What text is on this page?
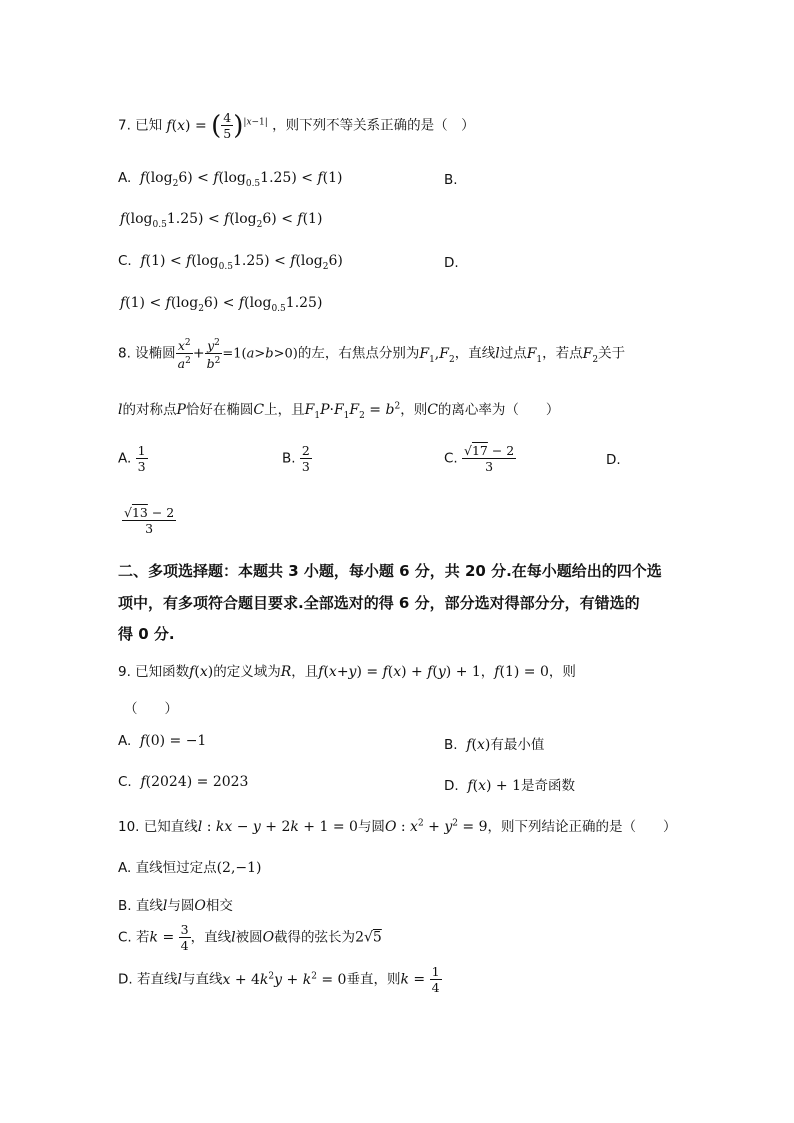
7. 已知 f(x) = ( $\frac{4}{5} )^{|x-1|}$ ，则下列不等关系正确的是（　）
A. $f(\log_26) < f(\log_{0.5}1.25) < f(1)$	B.
$f(\log_{0.5}1.25) < f(\log_26) < f(1)$
C. $f(1) < f(\log_{0.5}1.25) < f(\log_26)$	D.
$f(1) < f(\log_26) < f(\log_{0.5}1.25)$
8. 设椭圆 $\frac{x^2}{a^2} + \frac{y^2}{b^2} =1(a>b>0)$的左，右焦点分别为$F_1,F_2$，直线l过点$F_1$，若点$F_2$关于
l的对称点P恰好在椭圆C上，且$F_1P\cdot F_1F_2 = b^2$，则C的离心率为（　　）
A. $\frac{1}{3}$	B. $\frac{2}{3}$	C. $\frac{√17 - 2}{3}$	D.
$\frac{√13 - 2}{3}$
二、多项选择题：本题共 3 小题，每小题 6 分，共 20 分.在每小题给出的四个选
项中，有多项符合题目要求.全部选对的得 6 分，部分选对得部分分，有错选的
得 0 分.
9. 已知函数f(x)的定义域为R，且f(x+y) = f(x) + f(y) + 1，f(1) = 0，则
（　　）
A. f(0) = −1	B. f(x)有最小值
C. f(2024) = 2023	D. f(x) + 1是奇函数
10. 已知直线l : kx − y + 2k + 1 = 0与圆O : $x^2 + y^2 = 9$，则下列结论正确的是（　　）
A. 直线恒过定点(2,−1)
B. 直线l与圆O相交
C. 若$k = \frac{3}{4}$ ，直线l被圆O截得的弦长为2√5
D. 若直线l与直线$x + 4k^2y + k^2 = 0$垂直，则$k = \frac{1}{4}$
